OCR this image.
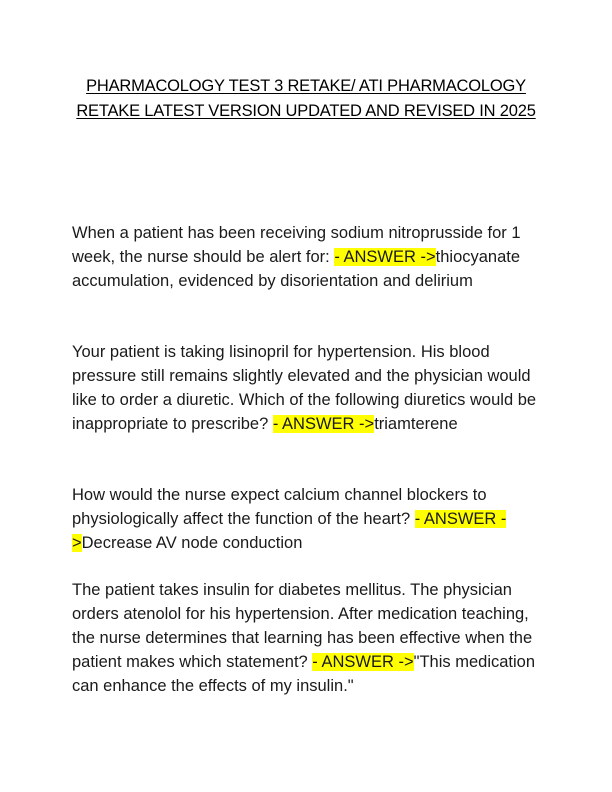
PHARMACOLOGY TEST 3 RETAKE/ ATI PHARMACOLOGY
RETAKE LATEST VERSION UPDATED AND REVISED IN 2025

When a patient has been receiving sodium nitroprusside for 1 week, the nurse should be alert for: - ANSWER ->thiocyanate accumulation, evidenced by disorientation and delirium

Your patient is taking lisinopril for hypertension. His blood pressure still remains slightly elevated and the physician would like to order a diuretic. Which of the following diuretics would be inappropriate to prescribe? - ANSWER ->triamterene

How would the nurse expect calcium channel blockers to physiologically affect the function of the heart? - ANSWER ->Decrease AV node conduction

The patient takes insulin for diabetes mellitus. The physician orders atenolol for his hypertension. After medication teaching, the nurse determines that learning has been effective when the patient makes which statement? - ANSWER ->"This medication can enhance the effects of my insulin."
